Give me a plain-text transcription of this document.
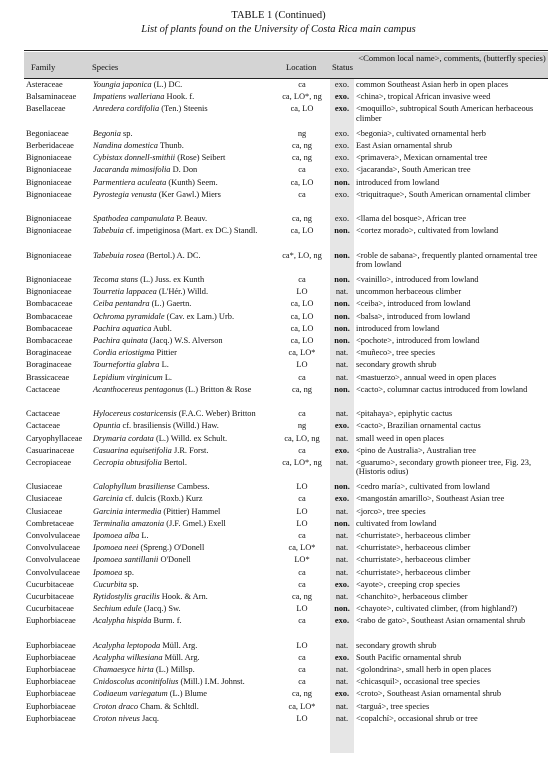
TABLE 1 (Continued)
List of plants found on the University of Costa Rica main campus
Family	Species	Location Status
<Common local name>, comments, (butterfly species)
Asteraceae	Youngia japonica (L.) DC.	ca	exo. common Southeast Asian herb in open places
Balsaminaceae Impatiens walleriana Hook. f.	ca, LO*, ng	exo. <china>, tropical African invasive weed
Basellaceae	Anredera cordifolia (Ten.) Steenis	ca, LO	exo. <moquillo>, subtropical South American herbaceous climber
Begoniaceae	Begonia sp.	ng	exo. <begonia>, cultivated ornamental herb
Berberidaceae Nandina domestica Thunb.	ca, ng	exo. East Asian ornamental shrub
Bignoniaceae	Cybistax donnell-smithii (Rose) Seibert	ca, ng	exo. <primavera>, Mexican ornamental tree
Bignoniaceae	Jacaranda mimosifolia D. Don	ca	exo. <jacaranda>, South American tree
Bignoniaceae	Parmentiera aculeata (Kunth) Seem.	ca, LO	non. introduced from lowland
Bignoniaceae	Pyrostegia venusta (Ker Gawl.) Miers	ca	exo. <triquitraque>, South American ornamental climber
Bignoniaceae	Spathodea campanulata P. Beauv.	ca, ng	exo. <llama del bosque>, African tree
Bignoniaceae	Tabebuia cf. impetiginosa (Mart. ex DC.) Standl.	ca, LO	non. <cortez morado>, cultivated from lowland
Bignoniaceae	Tabebuia rosea (Bertol.) A. DC.	ca*, LO, ng	non. <roble de sabana>, frequently planted ornamental tree from lowland
Bignoniaceae	Tecoma stans (L.) Juss. ex Kunth	ca	non. <vainillo>, introduced from lowland
Bignoniaceae	Tourretia lappacea (L'Hér.) Willd.	LO	nat. uncommon herbaceous climber
Bombacaceae Ceiba pentandra (L.) Gaertn.	ca, LO	non. <ceiba>, introduced from lowland
Bombacaceae Ochroma pyramidale (Cav. ex Lam.) Urb.	ca, LO	non. <balsa>, introduced from lowland
Bombacaceae Pachira aquatica Aubl.	ca, LO	non. introduced from lowland
Bombacaceae Pachira quinata (Jacq.) W.S. Alverson	ca, LO	non. <pochote>, introduced from lowland
Boraginaceae	Cordia eriostigma Pittier	ca, LO*	nat. <muñeco>, tree species
Boraginaceae	Tournefortia glabra L.	LO	nat. secondary growth shrub
Brassicaceae	Lepidium virginicum L.	ca	nat. <mastuerzo>, annual weed in open places
Cactaceae	Acanthocereus pentagonus (L.) Britton & Rose	ca, ng	non. <cacto>, columnar cactus introduced from lowland
Cactaceae	Hylocereus costaricensis (F.A.C. Weber) Britton	ca	nat. <pitahaya>, epiphytic cactus
Cactaceae	Opuntia cf. brasiliensis (Willd.) Haw.	ng	exo. <cacto>, Brazilian ornamental cactus
Caryophyllaceae Drymaria cordata (L.) Willd. ex Schult.	ca, LO, ng	nat. small weed in open places
Casuarinaceae Casuarina equisetifolia J.R. Forst.	ca	exo. <pino de Australia>, Australian tree
Cecropiaceae	Cecropia obtusifolia Bertol.	ca, LO*, ng	nat. <guarumo>, secondary growth pioneer tree, Fig. 23, (Historis odius)
Clusiaceae	Calophyllum brasiliense Cambess.	LO	non. <cedro maría>, cultivated from lowland
Clusiaceae	Garcinia cf. dulcis (Roxb.) Kurz	ca	exo. <mangostán amarillo>, Southeast Asian tree
Clusiaceae	Garcinia intermedia (Pittier) Hammel	LO	nat. <jorco>, tree species
Combretaceae Terminalia amazonia (J.F. Gmel.) Exell	LO	non. cultivated from lowland
Convolvulaceae Ipomoea alba L.	ca	nat. <churristate>, herbaceous climber
Convolvulaceae Ipomoea neei (Spreng.) O'Donell	ca, LO*	nat. <churristate>, herbaceous climber
Convolvulaceae Ipomoea santillanii O'Donell	LO*	nat. <churristate>, herbaceous climber
Convolvulaceae Ipomoea sp.	ca	nat. <churristate>, herbaceous climber
Cucurbitaceae Cucurbita sp.	ca	exo. <ayote>, creeping crop species
Cucurbitaceae Rytidostylis gracilis Hook. & Arn.	ca, ng	nat. <chanchito>, herbaceous climber
Cucurbitaceae Sechium edule (Jacq.) Sw.	LO	non. <chayote>, cultivated climber, (from highland?)
Euphorbiaceae Acalypha hispida Burm. f.	ca	exo. <rabo de gato>, Southeast Asian ornamental shrub
Euphorbiaceae Acalypha leptopoda Müll. Arg.	LO	nat. secondary growth shrub
Euphorbiaceae Acalypha wilkesiana Müll. Arg.	ca	exo. South Pacific ornamental shrub
Euphorbiaceae Chamaesyce hirta (L.) Millsp.	ca	nat. <golondrina>, small herb in open places
Euphorbiaceae Cnidoscolus aconitifolius (Mill.) I.M. Johnst.	ca	nat. <chicasquil>, occasional tree species
Euphorbiaceae Codiaeum variegatum (L.) Blume	ca, ng	exo. <croto>, Southeast Asian ornamental shrub
Euphorbiaceae Croton draco Cham. & Schltdl.	ca, LO*	nat. <targuá>, tree species
Euphorbiaceae Croton niveus Jacq.	LO	nat. <copalchí>, occasional shrub or tree
